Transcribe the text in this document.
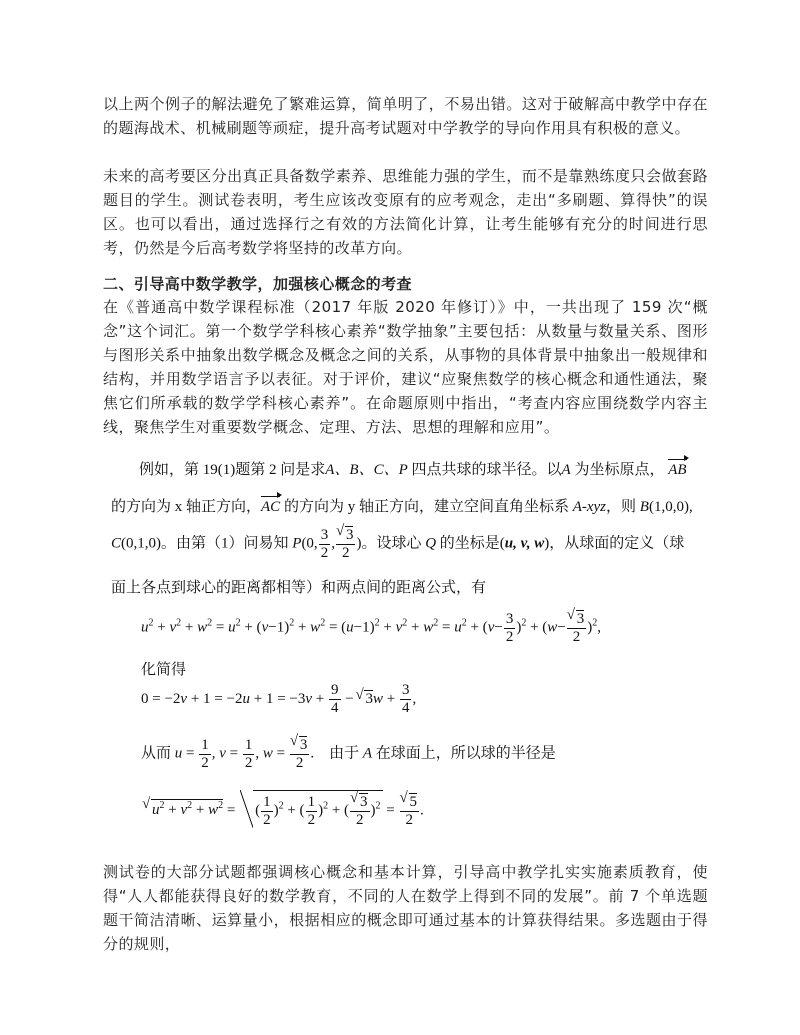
以上两个例子的解法避免了繁难运算，简单明了，不易出错。这对于破解高中教学中存在的题海战术、机械刷题等顽症，提升高考试题对中学教学的导向作用具有积极的意义。

未来的高考要区分出真正具备数学素养、思维能力强的学生，而不是靠熟练度只会做套路题目的学生。测试卷表明，考生应该改变原有的应考观念，走出“多刷题、算得快”的误区。也可以看出，通过选择行之有效的方法简化计算，让考生能够有充分的时间进行思考，仍然是今后高考数学将坚持的改革方向。

二、引导高中数学教学，加强核心概念的考查

在《普通高中数学课程标准（2017 年版 2020 年修订）》中，一共出现了 159 次“概念”这个词汇。第一个数学学科核心素养“数学抽象”主要包括：从数量与数量关系、图形与图形关系中抽象出数学概念及概念之间的关系，从事物的具体背景中抽象出一般规律和结构，并用数学语言予以表征。对于评价，建议“应聚焦数学的核心概念和通性通法，聚焦它们所承载的数学学科核心素养”。在命题原则中指出，“考查内容应围绕数学内容主线，聚焦学生对重要数学概念、定理、方法、思想的理解和应用”。

例如，第 19(1)题第 2 问是求A、B、C、P 四点共球的球半径。以A 为坐标原点， AB
的方向为 x 轴正方向，AC 的方向为 y 轴正方向，建立空间直角坐标系 A-xyz，则 B(1,0,0),
C(0,1,0)。由第（1）问易知 P(0, $\frac{3}{2}$ , √ $\frac{3}{2}$ )。设球心 Q 的坐标是(u, v, w)，从球面的定义（球
面上各点到球心的距离都相等）和两点间的距离公式，有
$u^2 + v^2 + w^2 = u^2 + (v-1)^2 + w^2 = (u-1)^2 + v^2 + w^2 = u^2 + (v- \frac{3}{2} )^2 + (w-$ √ $\frac{3}{2} )^2$,
化简得
$0 = -2v + 1 = -2u + 1 = -3v + \frac{9}{4}$ − √ $3w + \frac{3}{4}$ ,
从而 $u = \frac{1}{2}$ , $v = \frac{1}{2}$ , w = √ $\frac{3}{2}$ .    由于 A 在球面上，所以球的半径是
√ $u^2 + v^2 + w^2$ = ( $\frac{1}{2} )^2$ + ( $\frac{1}{2} )^2$ + ( √ $\frac{3}{2} )^2$ = √ $\frac{5}{2}$ .

测试卷的大部分试题都强调核心概念和基本计算，引导高中教学扎实实施素质教育，使得“人人都能获得良好的数学教育，不同的人在数学上得到不同的发展”。前 7 个单选题题干简洁清晰、运算量小，根据相应的概念即可通过基本的计算获得结果。多选题由于得分的规则，
